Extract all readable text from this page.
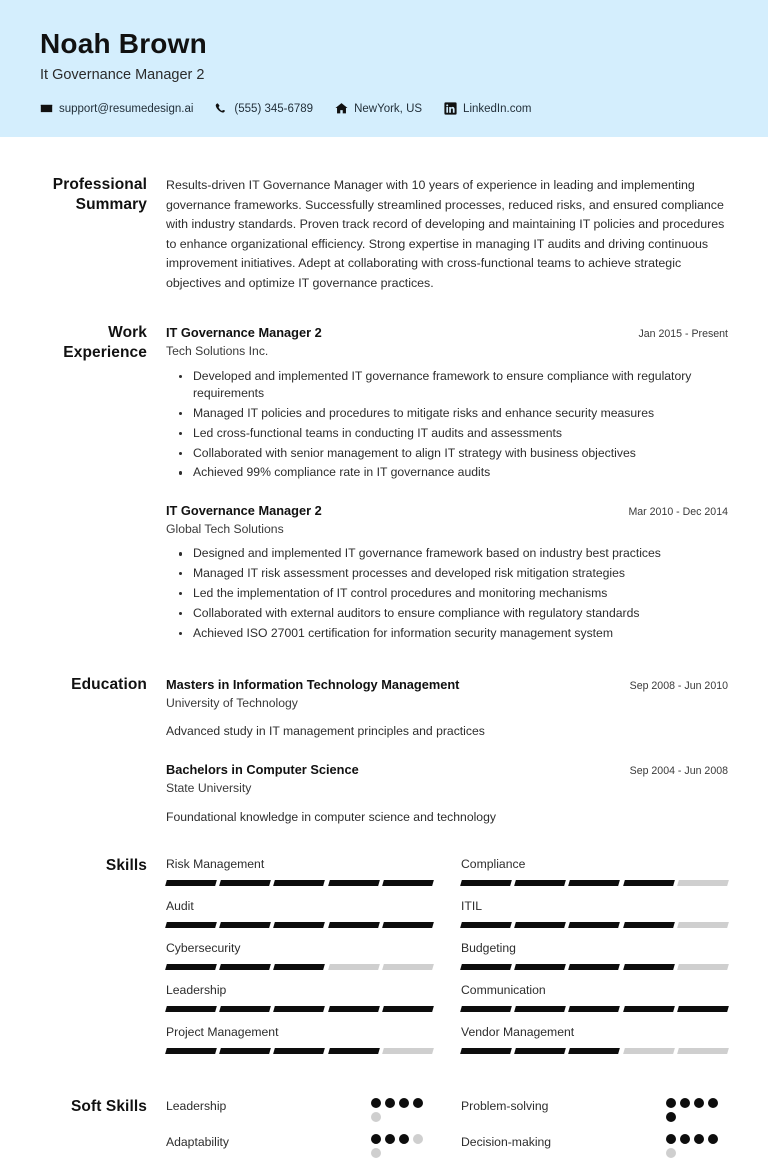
Noah Brown
It Governance Manager 2
support@resumedesign.ai	(555) 345-6789	NewYork, US	LinkedIn.com
Professional Summary
Results-driven IT Governance Manager with 10 years of experience in leading and implementing governance frameworks. Successfully streamlined processes, reduced risks, and ensured compliance with industry standards. Proven track record of developing and maintaining IT policies and procedures to enhance organizational efficiency. Strong expertise in managing IT audits and driving continuous improvement initiatives. Adept at collaborating with cross-functional teams to achieve strategic objectives and optimize IT governance practices.
Work Experience
IT Governance Manager 2	Jan 2015 - Present
Tech Solutions Inc.
Developed and implemented IT governance framework to ensure compliance with regulatory requirements
Managed IT policies and procedures to mitigate risks and enhance security measures
Led cross-functional teams in conducting IT audits and assessments
Collaborated with senior management to align IT strategy with business objectives
Achieved 99% compliance rate in IT governance audits
IT Governance Manager 2	Mar 2010 - Dec 2014
Global Tech Solutions
Designed and implemented IT governance framework based on industry best practices
Managed IT risk assessment processes and developed risk mitigation strategies
Led the implementation of IT control procedures and monitoring mechanisms
Collaborated with external auditors to ensure compliance with regulatory standards
Achieved ISO 27001 certification for information security management system
Education	Masters in Information Technology Management	Sep 2008 - Jun 2010
University of Technology
Advanced study in IT management principles and practices
Bachelors in Computer Science	Sep 2004 - Jun 2008
State University
Foundational knowledge in computer science and technology
Skills	Risk Management	Compliance
Audit	ITIL
Cybersecurity	Budgeting
Leadership	Communication
Project Management	Vendor Management
Soft Skills	Leadership	Problem-solving
Adaptability	Decision-making
